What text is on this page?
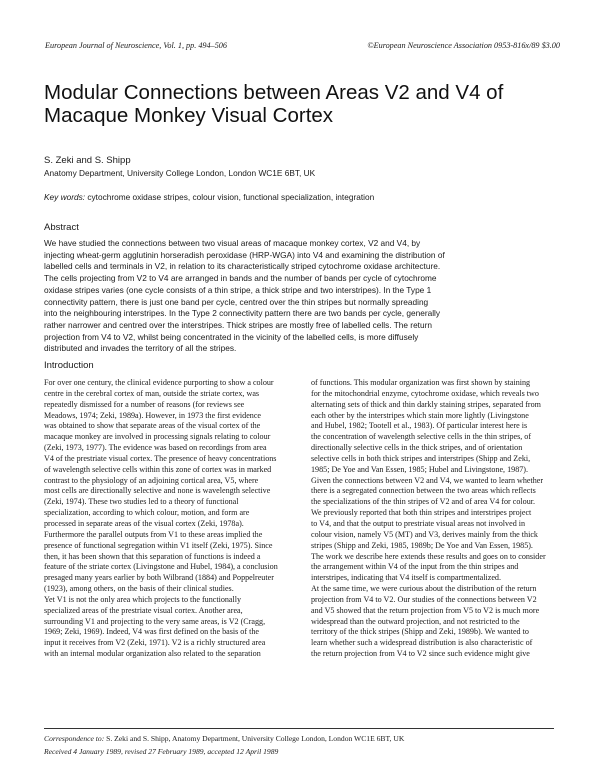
European Journal of Neuroscience, Vol. 1, pp. 494–506	©European Neuroscience Association 0953-816x/89 $3.00
Modular Connections between Areas V2 and V4 of
Macaque Monkey Visual Cortex
S. Zeki and S. Shipp
Anatomy Department, University College London, London WC1E 6BT, UK
Key words: cytochrome oxidase stripes, colour vision, functional specialization, integration
Abstract
We have studied the connections between two visual areas of macaque monkey cortex, V2 and V4, by
injecting wheat-germ agglutinin horseradish peroxidase (HRP-WGA) into V4 and examining the distribution of
labelled cells and terminals in V2, in relation to its characteristically striped cytochrome oxidase architecture.
The cells projecting from V2 to V4 are arranged in bands and the number of bands per cycle of cytochrome
oxidase stripes varies (one cycle consists of a thin stripe, a thick stripe and two interstripes). In the Type 1
connectivity pattern, there is just one band per cycle, centred over the thin stripes but normally spreading
into the neighbouring interstripes. In the Type 2 connectivity pattern there are two bands per cycle, generally
rather narrower and centred over the interstripes. Thick stripes are mostly free of labelled cells. The return
projection from V4 to V2, whilst being concentrated in the vicinity of the labelled cells, is more diffusely
distributed and invades the territory of all the stripes.
Introduction
For over one century, the clinical evidence purporting to show a colour
centre in the cerebral cortex of man, outside the striate cortex, was
repeatedly dismissed for a number of reasons (for reviews see
Meadows, 1974; Zeki, 1989a). However, in 1973 the first evidence
was obtained to show that separate areas of the visual cortex of the
macaque monkey are involved in processing signals relating to colour
(Zeki, 1973, 1977). The evidence was based on recordings from area
V4 of the prestriate visual cortex. The presence of heavy concentrations
of wavelength selective cells within this zone of cortex was in marked
contrast to the physiology of an adjoining cortical area, V5, where
most cells are directionally selective and none is wavelength selective
(Zeki, 1974). These two studies led to a theory of functional
specialization, according to which colour, motion, and form are
processed in separate areas of the visual cortex (Zeki, 1978a).
Furthermore the parallel outputs from V1 to these areas implied the
presence of functional segregation within V1 itself (Zeki, 1975). Since
then, it has been shown that this separation of functions is indeed a
feature of the striate cortex (Livingstone and Hubel, 1984), a conclusion
presaged many years earlier by both Wilbrand (1884) and Poppelreuter
(1923), among others, on the basis of their clinical studies.
Yet V1 is not the only area which projects to the functionally
specialized areas of the prestriate visual cortex. Another area,
surrounding V1 and projecting to the very same areas, is V2 (Cragg,
1969; Zeki, 1969). Indeed, V4 was first defined on the basis of the
input it receives from V2 (Zeki, 1971). V2 is a richly structured area
with an internal modular organization also related to the separation
of functions. This modular organization was first shown by staining
for the mitochondrial enzyme, cytochrome oxidase, which reveals two
alternating sets of thick and thin darkly staining stripes, separated from
each other by the interstripes which stain more lightly (Livingstone
and Hubel, 1982; Tootell et al., 1983). Of particular interest here is
the concentration of wavelength selective cells in the thin stripes, of
directionally selective cells in the thick stripes, and of orientation
selective cells in both thick stripes and interstripes (Shipp and Zeki,
1985; De Yoe and Van Essen, 1985; Hubel and Livingstone, 1987).
Given the connections between V2 and V4, we wanted to learn whether
there is a segregated connection between the two areas which reflects
the specializations of the thin stripes of V2 and of area V4 for colour.
We previously reported that both thin stripes and interstripes project
to V4, and that the output to prestriate visual areas not involved in
colour vision, namely V5 (MT) and V3, derives mainly from the thick
stripes (Shipp and Zeki, 1985, 1989b; De Yoe and Van Essen, 1985).
The work we describe here extends these results and goes on to consider
the arrangement within V4 of the input from the thin stripes and
interstripes, indicating that V4 itself is compartmentalized.
At the same time, we were curious about the distribution of the return
projection from V4 to V2. Our studies of the connections between V2
and V5 showed that the return projection from V5 to V2 is much more
widespread than the outward projection, and not restricted to the
territory of the thick stripes (Shipp and Zeki, 1989b). We wanted to
learn whether such a widespread distribution is also characteristic of
the return projection from V4 to V2 since such evidence might give
Correspondence to: S. Zeki and S. Shipp, Anatomy Department, University College London, London WC1E 6BT, UK
Received 4 January 1989, revised 27 February 1989, accepted 12 April 1989
